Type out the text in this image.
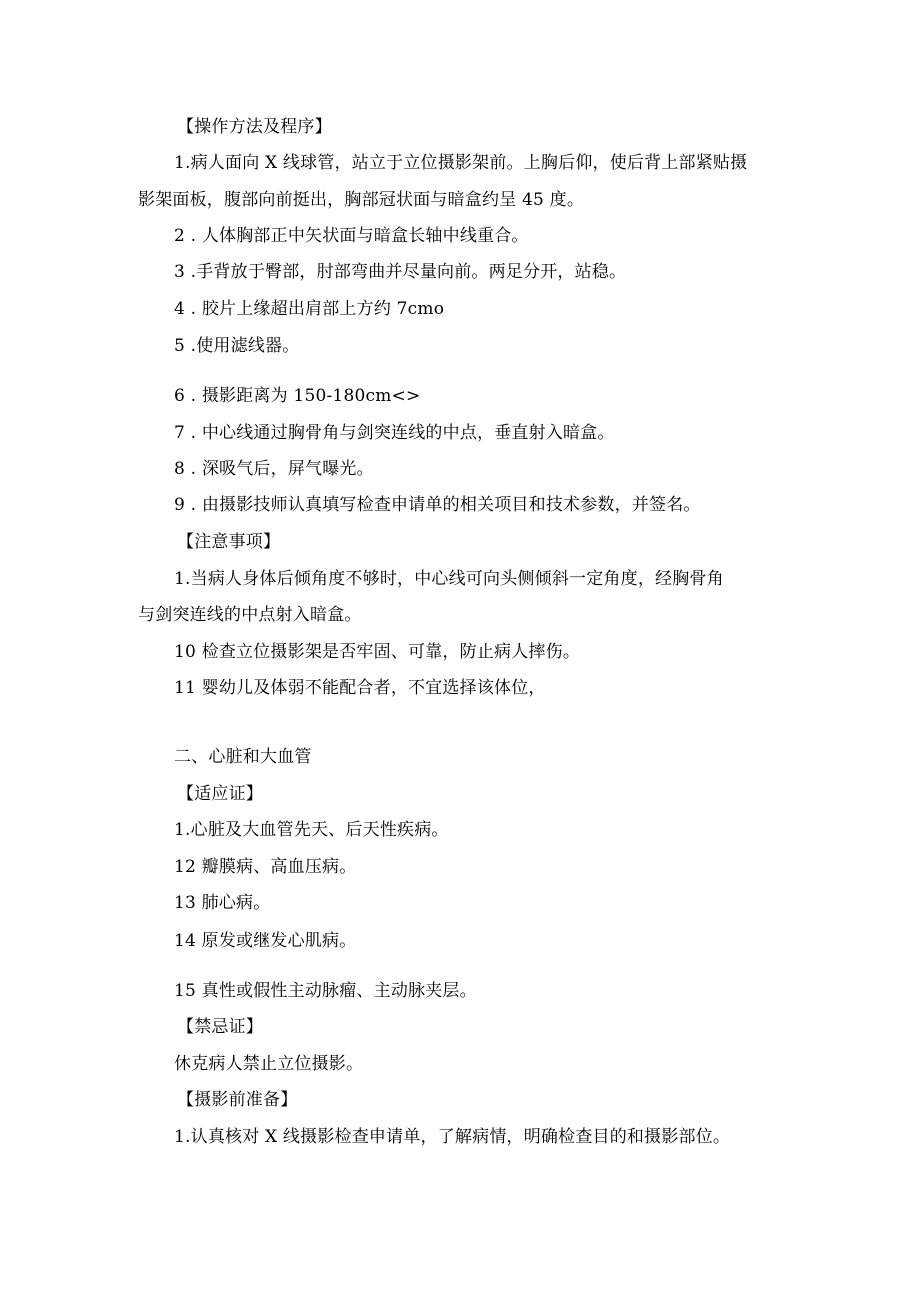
【操作方法及程序】
1.病人面向 X 线球管，站立于立位摄影架前。上胸后仰，使后背上部紧贴摄
影架面板，腹部向前挺出，胸部冠状面与暗盒约呈 45 度。
2 . 人体胸部正中矢状面与暗盒长轴中线重合。
3 .手背放于臀部，肘部弯曲并尽量向前。两足分开，站稳。
4 . 胶片上缘超出肩部上方约 7cmo
5 .使用滤线器。
6 . 摄影距离为 150-180cm<>
7 . 中心线通过胸骨角与剑突连线的中点，垂直射入暗盒。
8 . 深吸气后，屏气曝光。
9 . 由摄影技师认真填写检查申请单的相关项目和技术参数，并签名。
【注意事项】
1.当病人身体后倾角度不够时，中心线可向头侧倾斜一定角度，经胸骨角
与剑突连线的中点射入暗盒。
10 检查立位摄影架是否牢固、可靠，防止病人摔伤。
11 婴幼儿及体弱不能配合者，不宜选择该体位，
二、心脏和大血管
【适应证】
1.心脏及大血管先天、后天性疾病。
12 瓣膜病、高血压病。
13 肺心病。
14 原发或继发心肌病。
15 真性或假性主动脉瘤、主动脉夹层。
【禁忌证】
休克病人禁止立位摄影。
【摄影前准备】
1.认真核对 X 线摄影检查申请单，了解病情，明确检查目的和摄影部位。
